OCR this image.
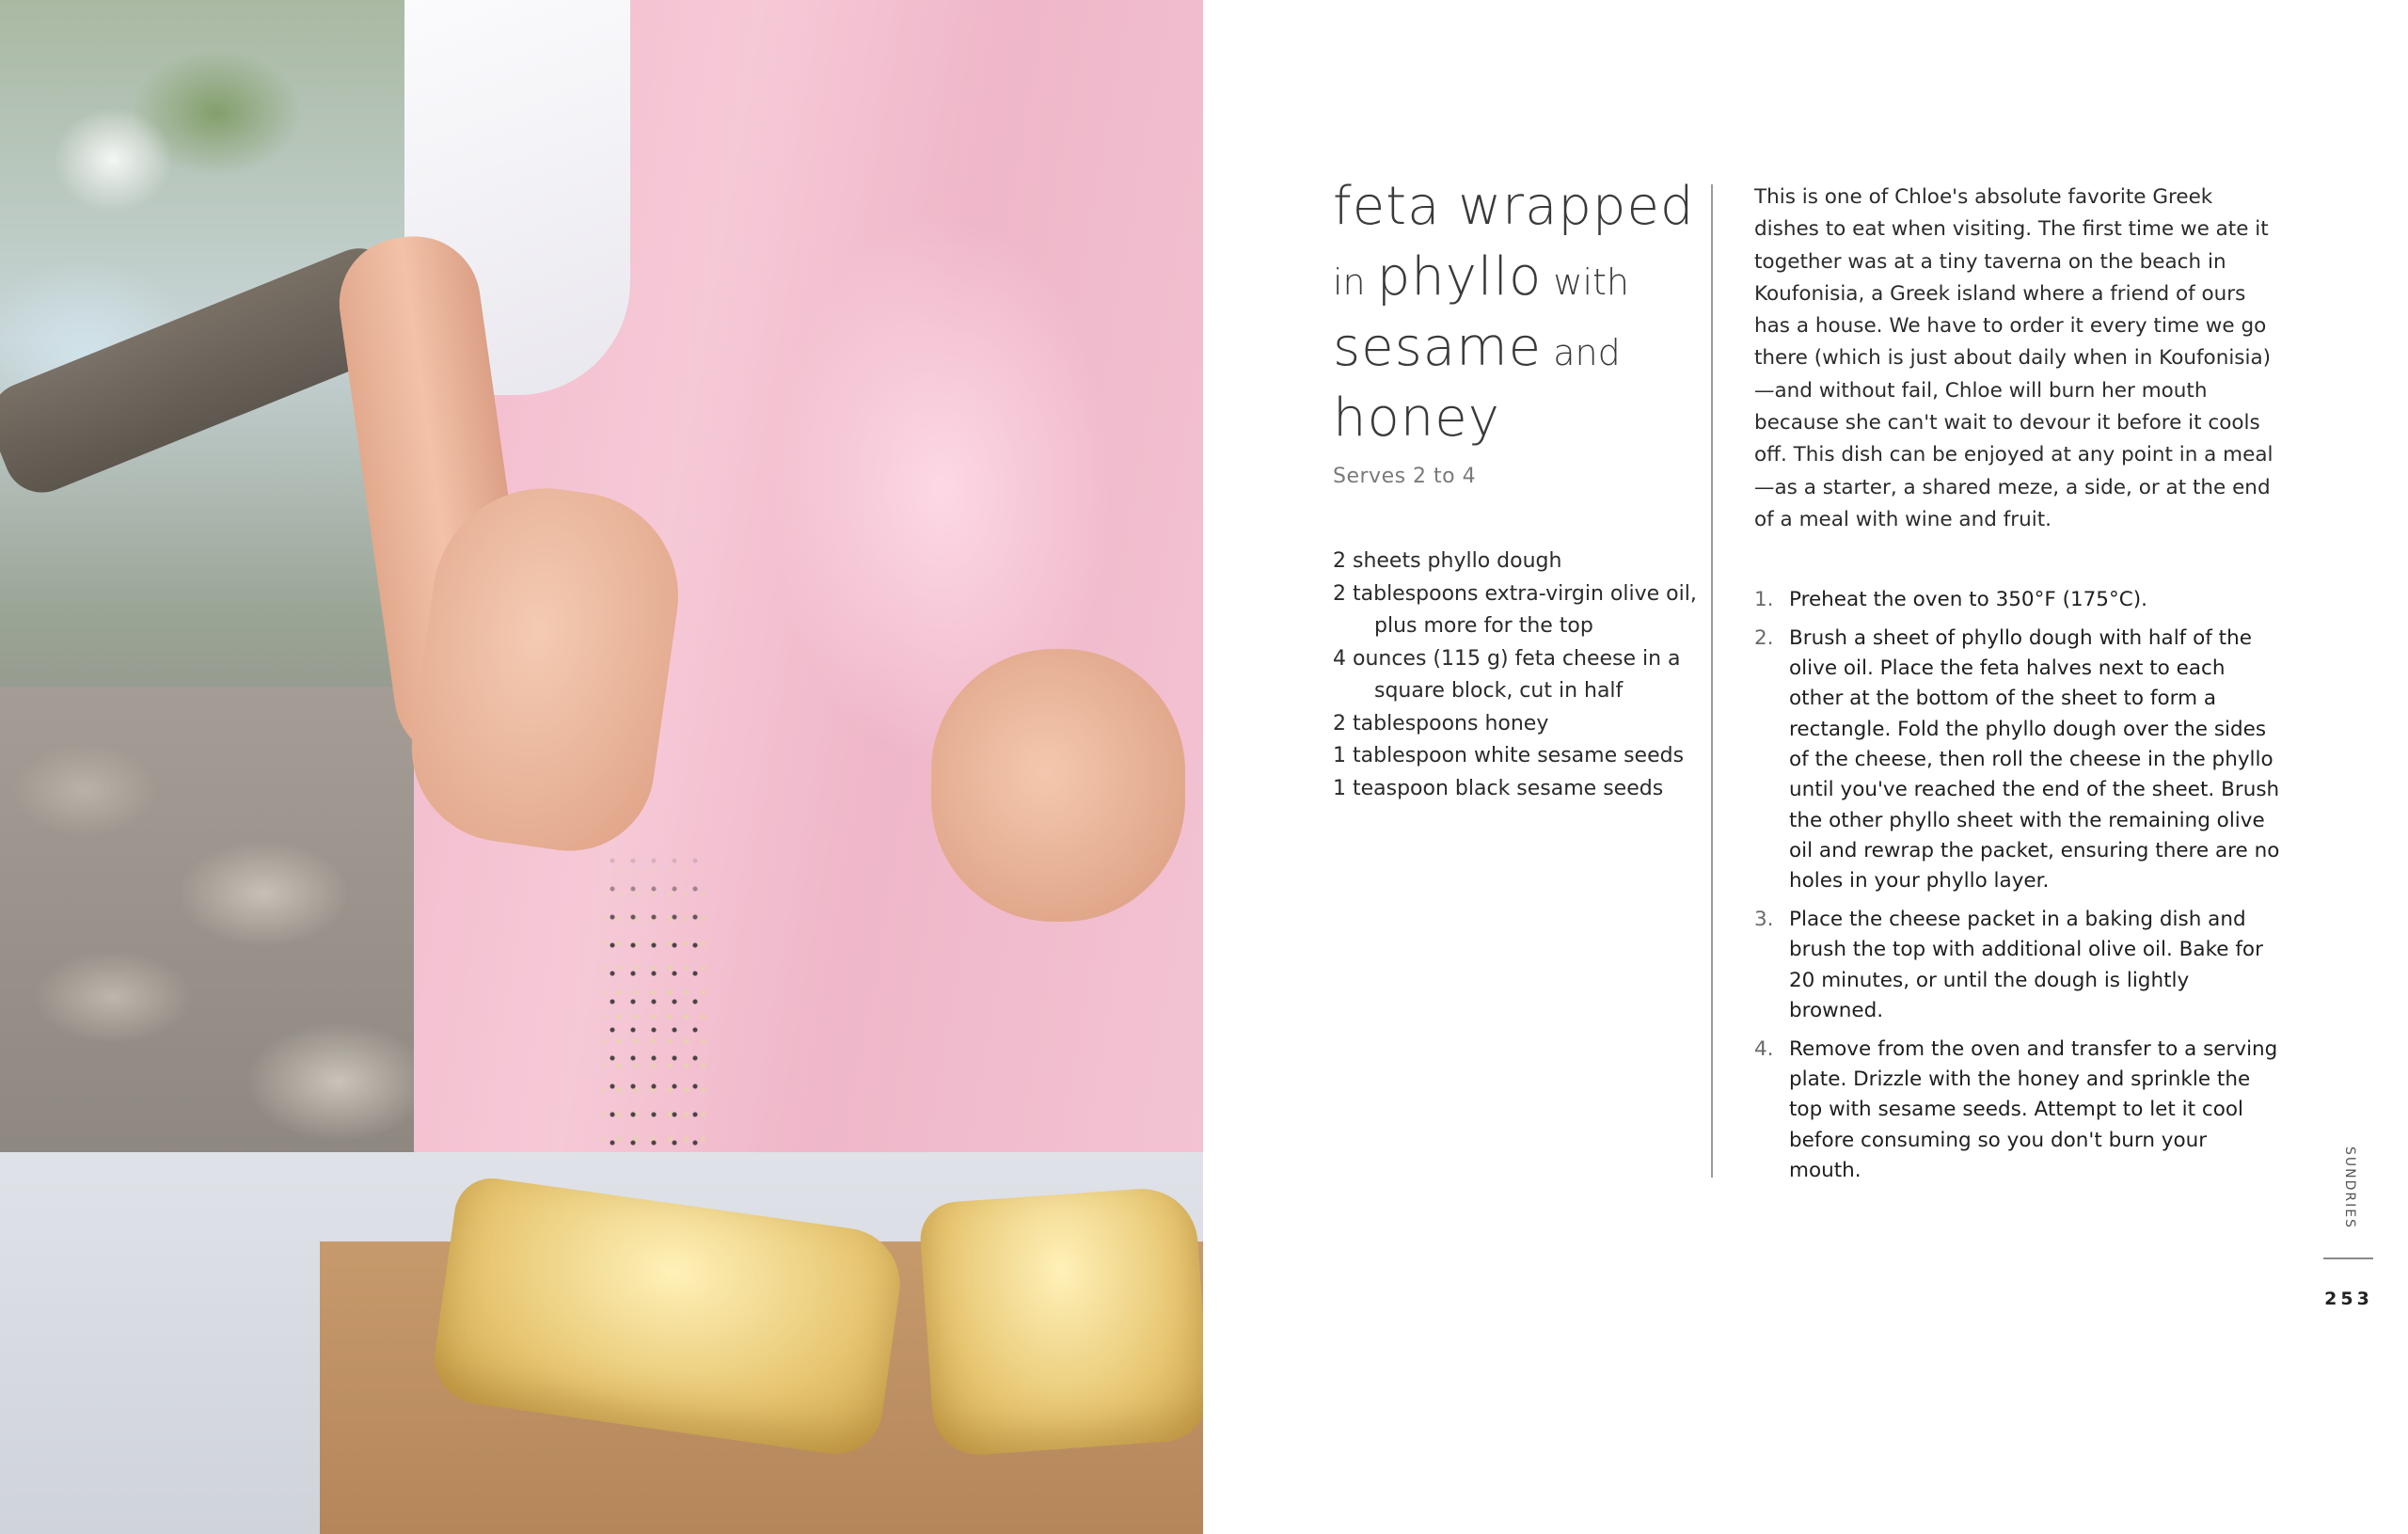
feta wrapped
in phyllo with
sesame and
honey
Serves 2 to 4
2 sheets phyllo dough
2 tablespoons extra-virgin olive oil, plus more for the top
4 ounces (115 g) feta cheese in a square block, cut in half
2 tablespoons honey
1 tablespoon white sesame seeds
1 teaspoon black sesame seeds

This is one of Chloe's absolute favorite Greek dishes to eat when visiting. The first time we ate it together was at a tiny taverna on the beach in Koufonisia, a Greek island where a friend of ours has a house. We have to order it every time we go there (which is just about daily when in Koufonisia)—and without fail, Chloe will burn her mouth because she can't wait to devour it before it cools off. This dish can be enjoyed at any point in a meal—as a starter, a shared meze, a side, or at the end of a meal with wine and fruit.

1. Preheat the oven to 350°F (175°C).
2. Brush a sheet of phyllo dough with half of the olive oil. Place the feta halves next to each other at the bottom of the sheet to form a rectangle. Fold the phyllo dough over the sides of the cheese, then roll the cheese in the phyllo until you've reached the end of the sheet. Brush the other phyllo sheet with the remaining olive oil and rewrap the packet, ensuring there are no holes in your phyllo layer.
3. Place the cheese packet in a baking dish and brush the top with additional olive oil. Bake for 20 minutes, or until the dough is lightly browned.
4. Remove from the oven and transfer to a serving plate. Drizzle with the honey and sprinkle the top with sesame seeds. Attempt to let it cool before consuming so you don't burn your mouth.	SUNDRIES
253
